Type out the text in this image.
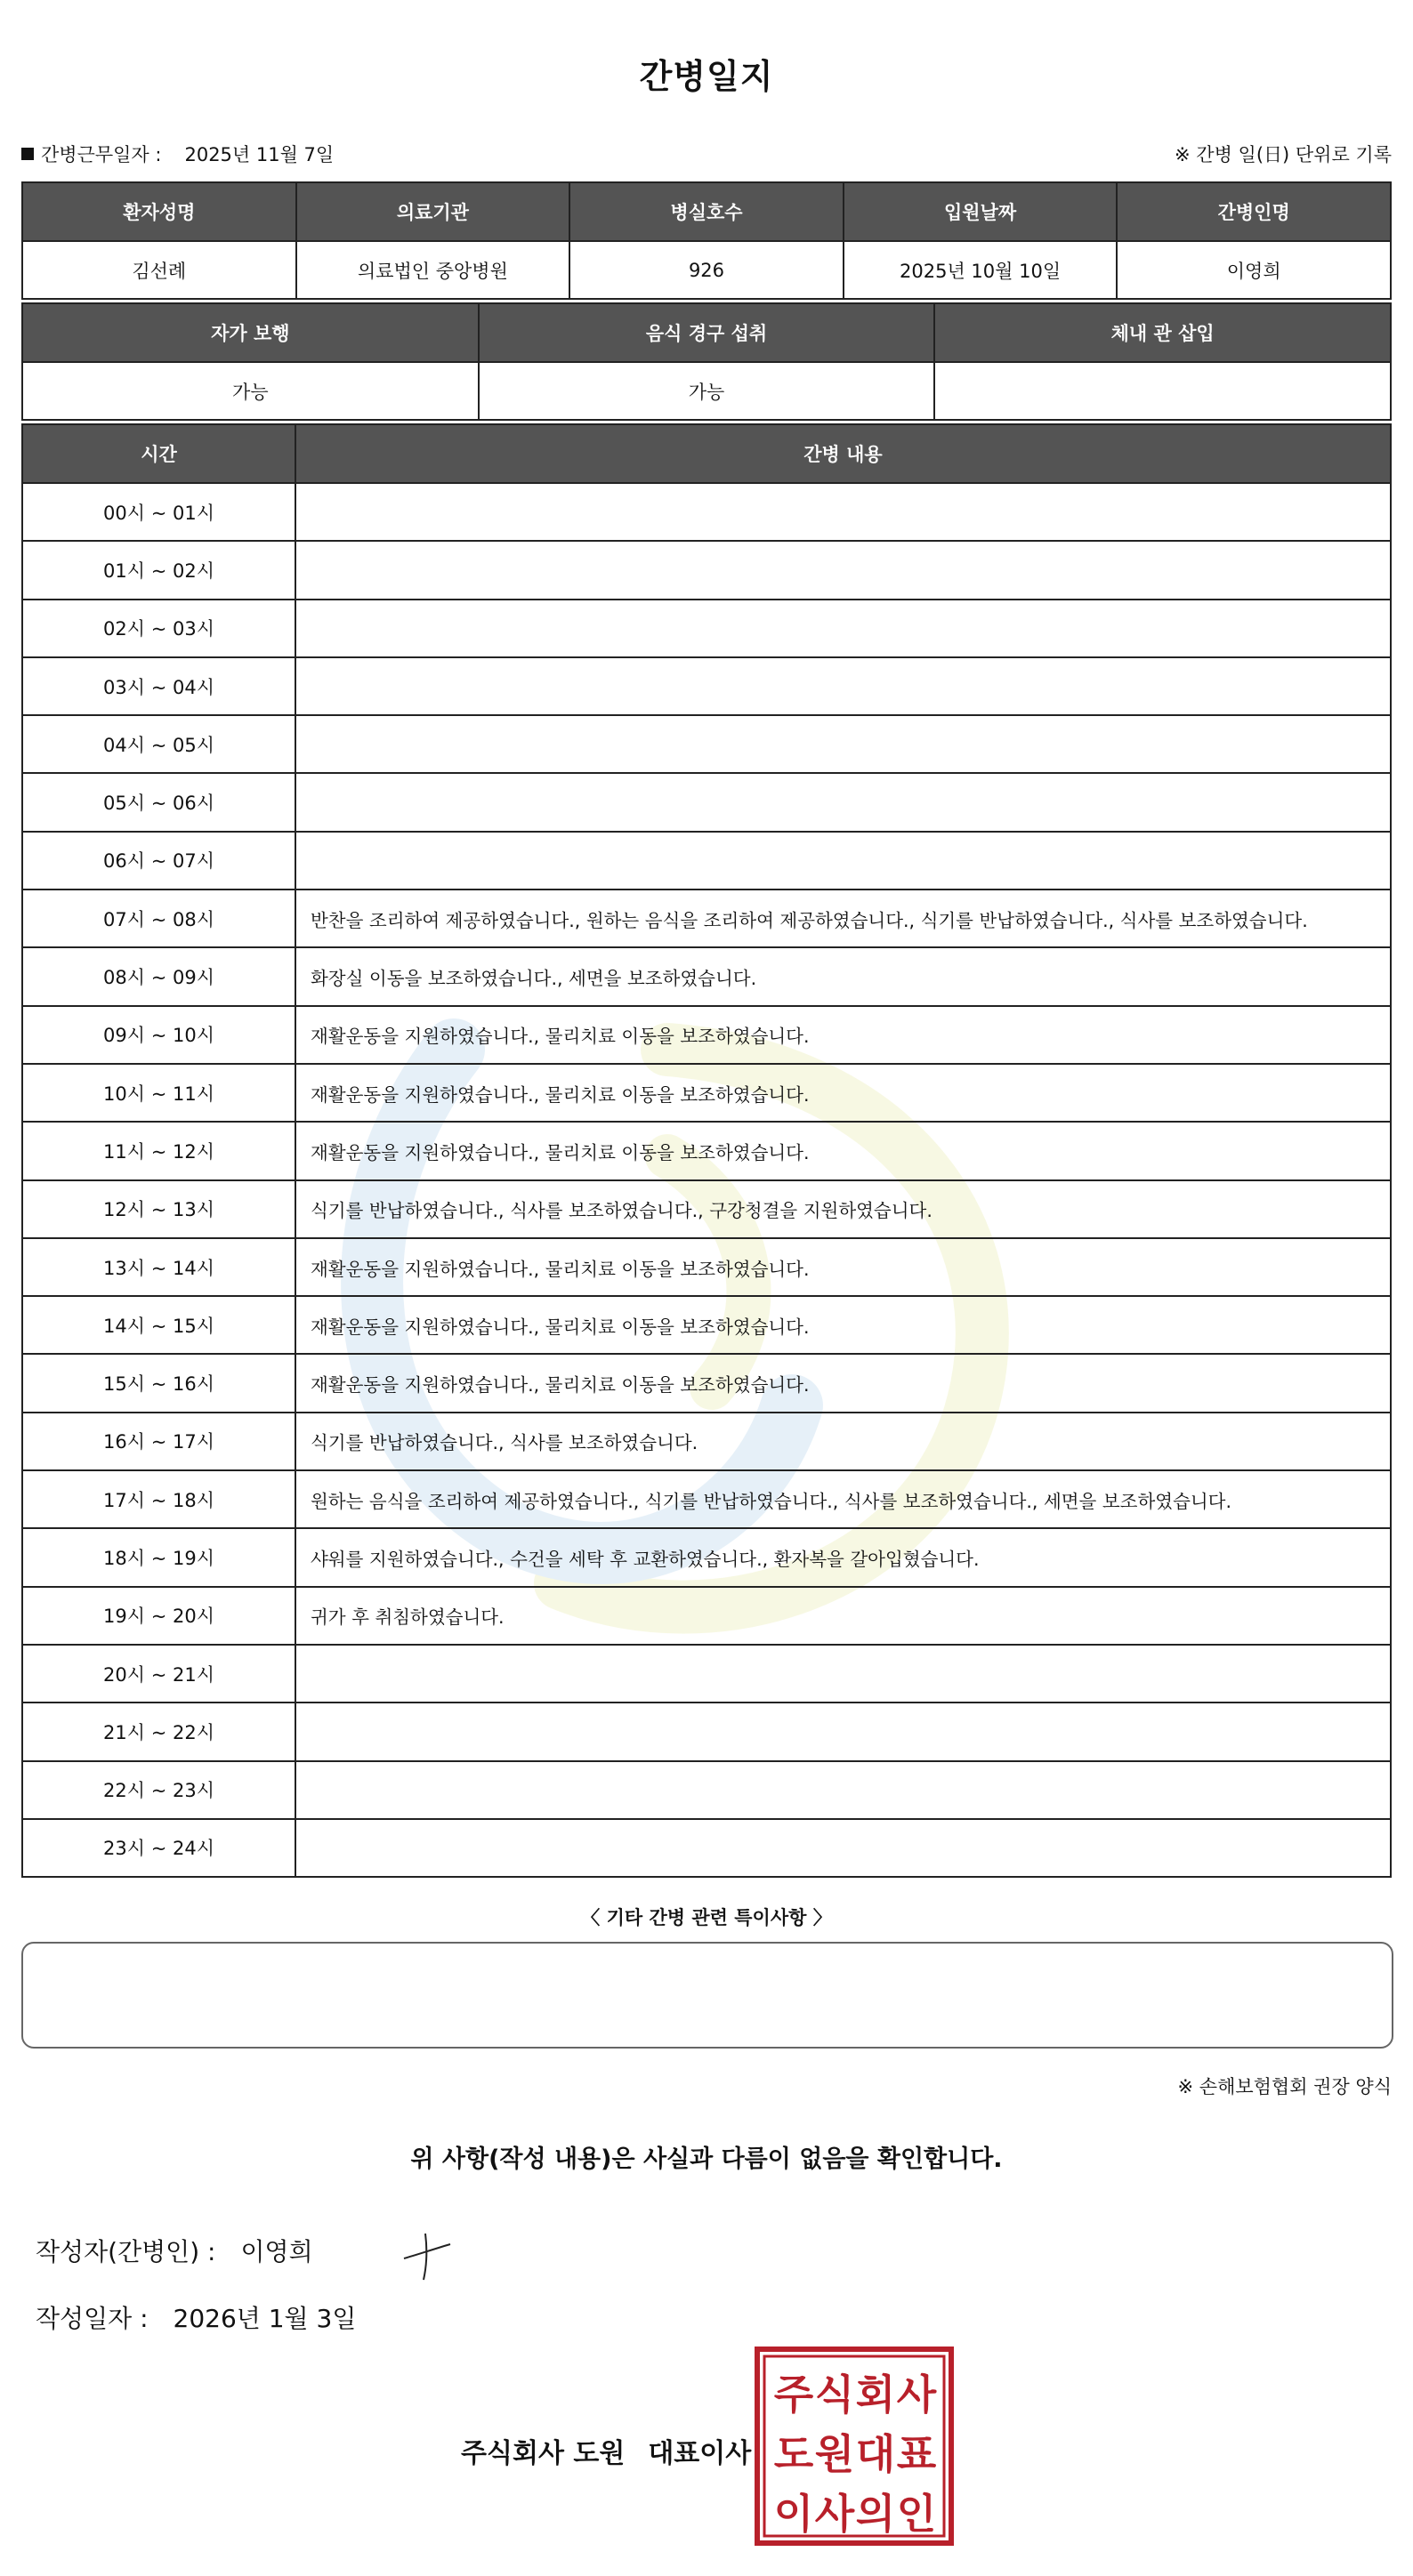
간병일지
간병근무일자 : 2025년 11월 7일	※ 간병 일(日) 단위로 기록
환자성명	의료기관	병실호수	입원날짜	간병인명
김선례	의료법인 중앙병원	926	2025년 10월 10일	이영희
자가 보행	음식 경구 섭취	체내 관 삽입
가능	가능	
시간	간병 내용
00시 ~ 01시	
01시 ~ 02시	
02시 ~ 03시	
03시 ~ 04시	
04시 ~ 05시	
05시 ~ 06시	
06시 ~ 07시	
07시 ~ 08시	반찬을 조리하여 제공하였습니다., 원하는 음식을 조리하여 제공하였습니다., 식기를 반납하였습니다., 식사를 보조하였습니다.
08시 ~ 09시	화장실 이동을 보조하였습니다., 세면을 보조하였습니다.
09시 ~ 10시	재활운동을 지원하였습니다., 물리치료 이동을 보조하였습니다.
10시 ~ 11시	재활운동을 지원하였습니다., 물리치료 이동을 보조하였습니다.
11시 ~ 12시	재활운동을 지원하였습니다., 물리치료 이동을 보조하였습니다.
12시 ~ 13시	식기를 반납하였습니다., 식사를 보조하였습니다., 구강청결을 지원하였습니다.
13시 ~ 14시	재활운동을 지원하였습니다., 물리치료 이동을 보조하였습니다.
14시 ~ 15시	재활운동을 지원하였습니다., 물리치료 이동을 보조하였습니다.
15시 ~ 16시	재활운동을 지원하였습니다., 물리치료 이동을 보조하였습니다.
16시 ~ 17시	식기를 반납하였습니다., 식사를 보조하였습니다.
17시 ~ 18시	원하는 음식을 조리하여 제공하였습니다., 식기를 반납하였습니다., 식사를 보조하였습니다., 세면을 보조하였습니다.
18시 ~ 19시	샤워를 지원하였습니다., 수건을 세탁 후 교환하였습니다., 환자복을 갈아입혔습니다.
19시 ~ 20시	귀가 후 취침하였습니다.
20시 ~ 21시	
21시 ~ 22시	
22시 ~ 23시	
23시 ~ 24시	
〈 기타 간병 관련 특이사항 〉
※ 손해보험협회 권장 양식
위 사항(작성 내용)은 사실과 다름이 없음을 확인합니다.
작성자(간병인) : 이영희
작성일자 : 2026년 1월 3일
주식회사 도원 대표이사
주 식 회 사
도 원 대 표
이 사 의 인
